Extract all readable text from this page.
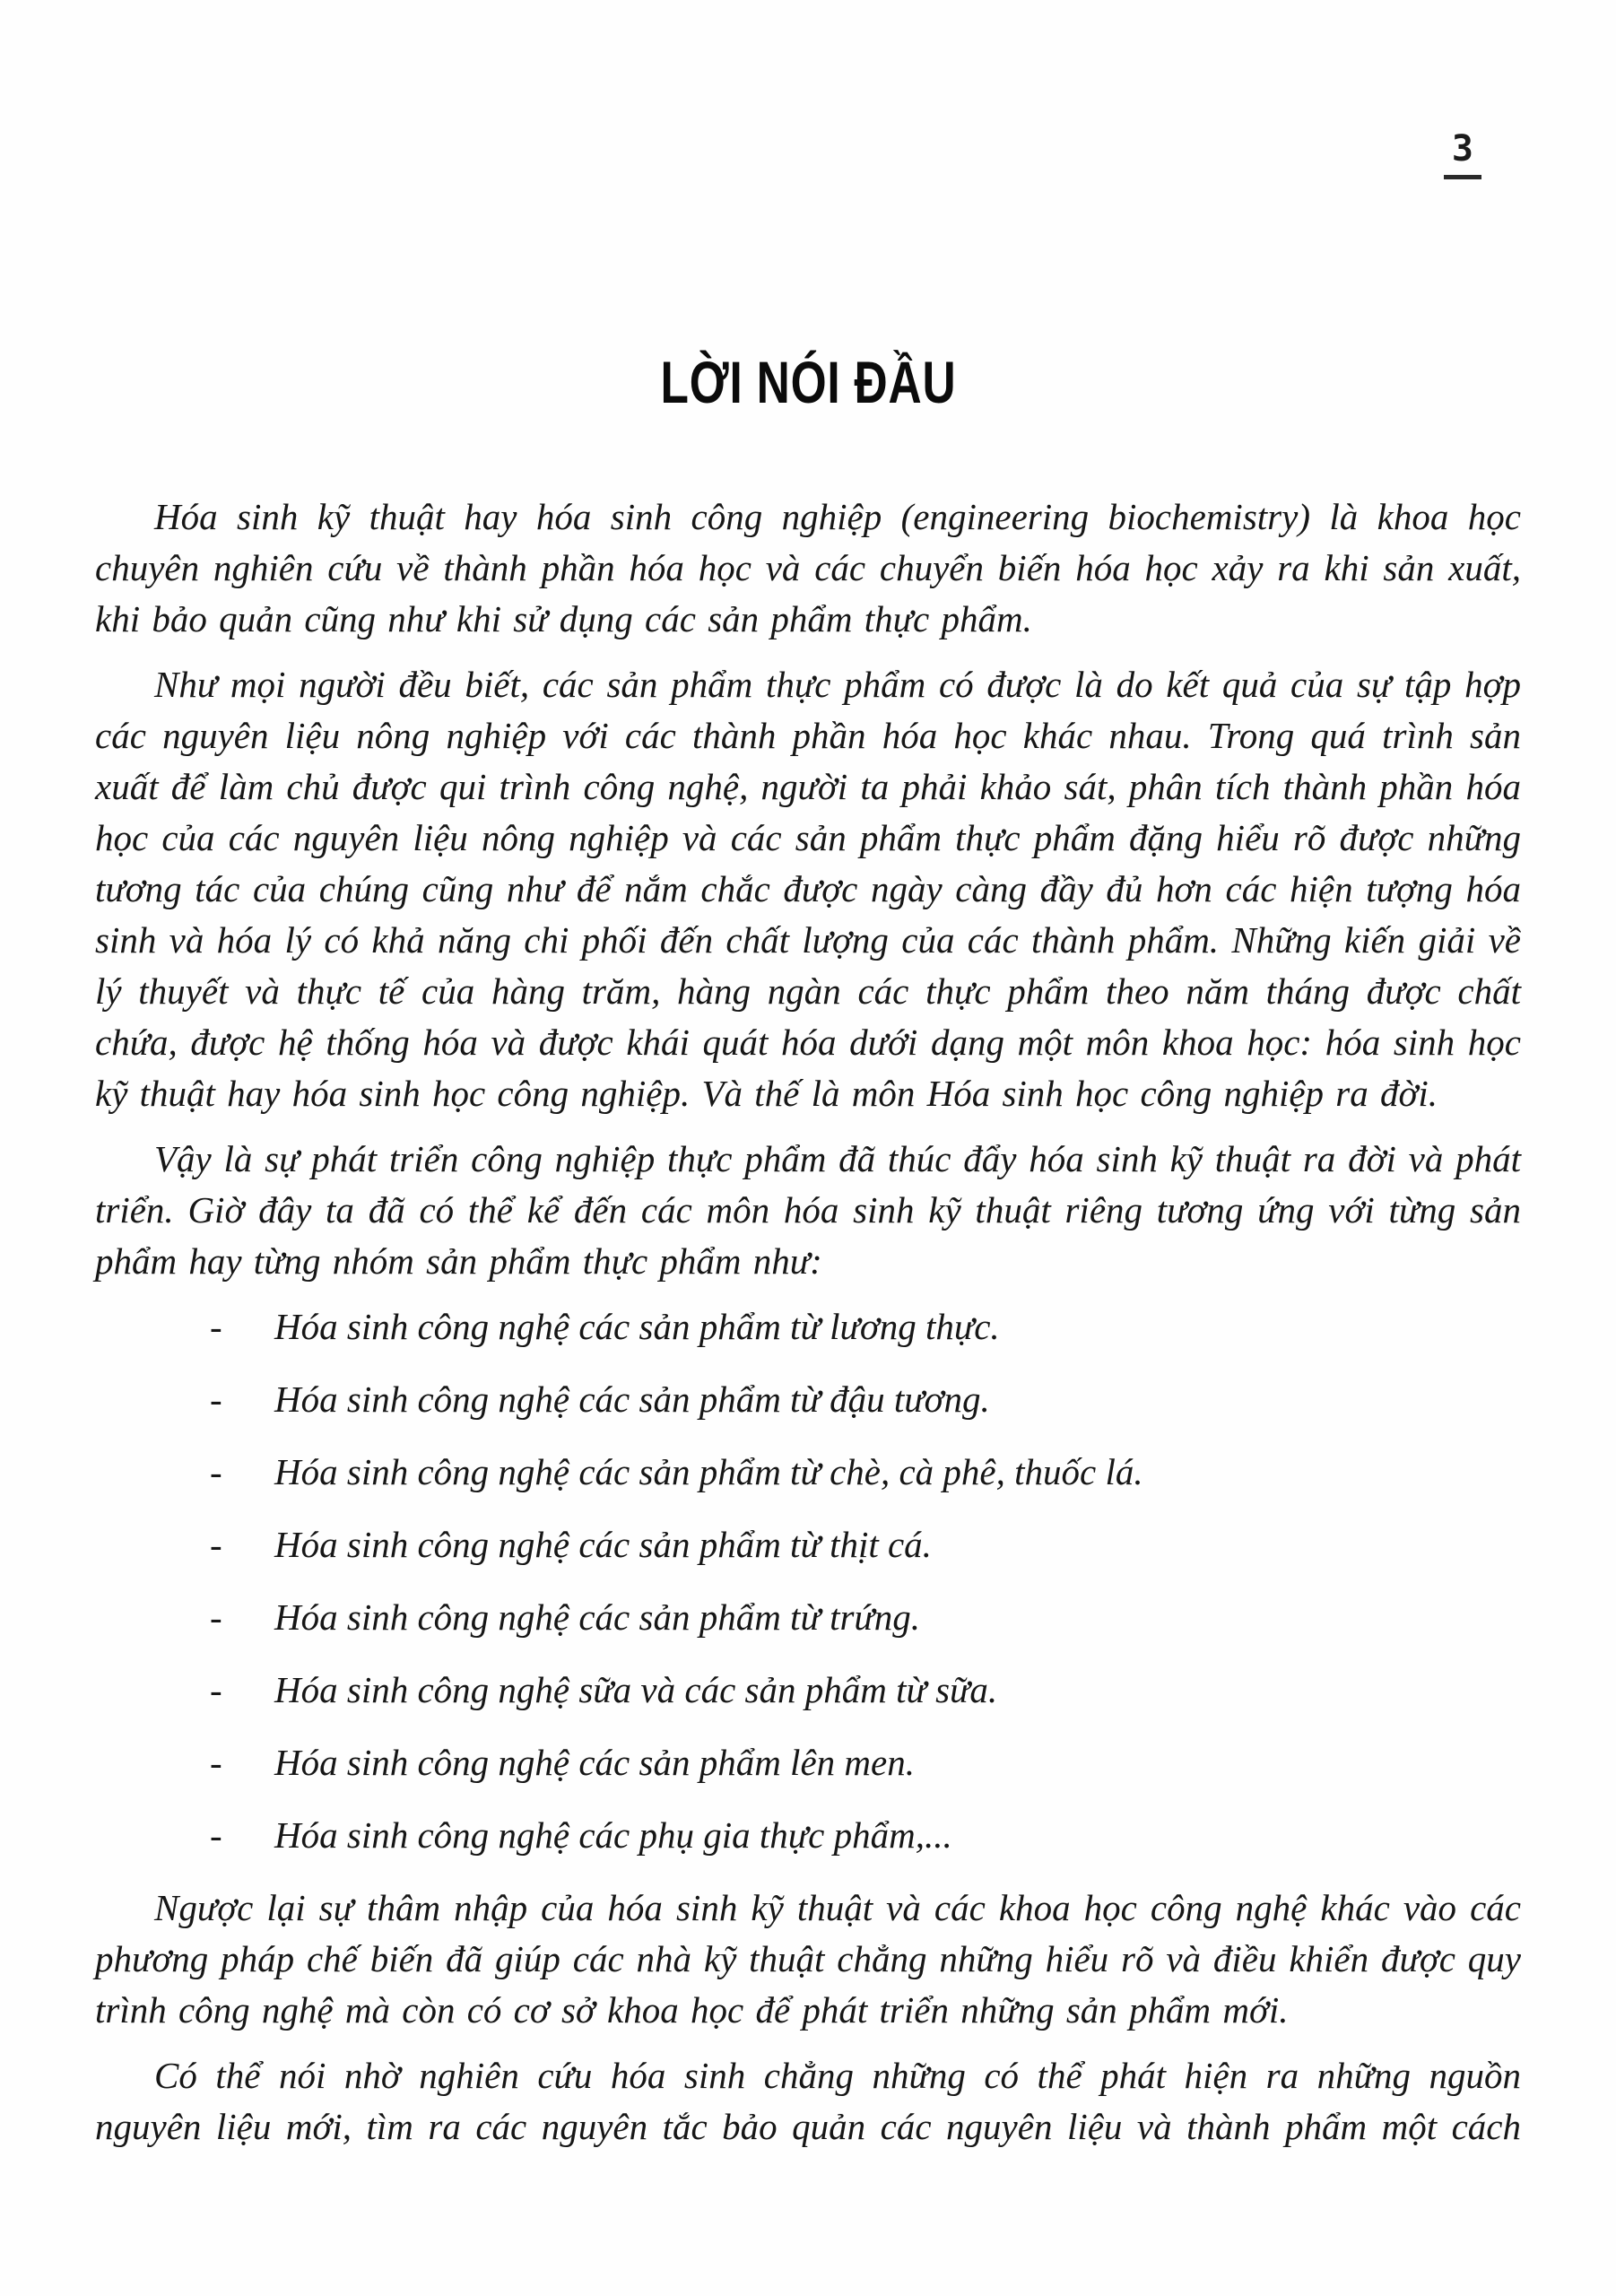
3
LỜI NÓI ĐẦU

Hóa sinh kỹ thuật hay hóa sinh công nghiệp (engineering biochemistry) là khoa học chuyên nghiên cứu về thành phần hóa học và các chuyển biến hóa học xảy ra khi sản xuất, khi bảo quản cũng như khi sử dụng các sản phẩm thực phẩm.

Như mọi người đều biết, các sản phẩm thực phẩm có được là do kết quả của sự tập hợp các nguyên liệu nông nghiệp với các thành phần hóa học khác nhau. Trong quá trình sản xuất để làm chủ được qui trình công nghệ, người ta phải khảo sát, phân tích thành phần hóa học của các nguyên liệu nông nghiệp và các sản phẩm thực phẩm đặng hiểu rõ được những tương tác của chúng cũng như để nắm chắc được ngày càng đầy đủ hơn các hiện tượng hóa sinh và hóa lý có khả năng chi phối đến chất lượng của các thành phẩm. Những kiến giải về lý thuyết và thực tế của hàng trăm, hàng ngàn các thực phẩm theo năm tháng được chất chứa, được hệ thống hóa và được khái quát hóa dưới dạng một môn khoa học: hóa sinh học kỹ thuật hay hóa sinh học công nghiệp. Và thế là môn Hóa sinh học công nghiệp ra đời.

Vậy là sự phát triển công nghiệp thực phẩm đã thúc đẩy hóa sinh kỹ thuật ra đời và phát triển. Giờ đây ta đã có thể kể đến các môn hóa sinh kỹ thuật riêng tương ứng với từng sản phẩm hay từng nhóm sản phẩm thực phẩm như:

-	Hóa sinh công nghệ các sản phẩm từ lương thực.
-	Hóa sinh công nghệ các sản phẩm từ đậu tương.
-	Hóa sinh công nghệ các sản phẩm từ chè, cà phê, thuốc lá.
-	Hóa sinh công nghệ các sản phẩm từ thịt cá.
-	Hóa sinh công nghệ các sản phẩm từ trứng.
-	Hóa sinh công nghệ sữa và các sản phẩm từ sữa.
-	Hóa sinh công nghệ các sản phẩm lên men.
-	Hóa sinh công nghệ các phụ gia thực phẩm,...

Ngược lại sự thâm nhập của hóa sinh kỹ thuật và các khoa học công nghệ khác vào các phương pháp chế biến đã giúp các nhà kỹ thuật chẳng những hiểu rõ và điều khiển được quy trình công nghệ mà còn có cơ sở khoa học để phát triển những sản phẩm mới.

Có thể nói nhờ nghiên cứu hóa sinh chẳng những có thể phát hiện ra những nguồn nguyên liệu mới, tìm ra các nguyên tắc bảo quản các nguyên liệu và thành phẩm một cách
